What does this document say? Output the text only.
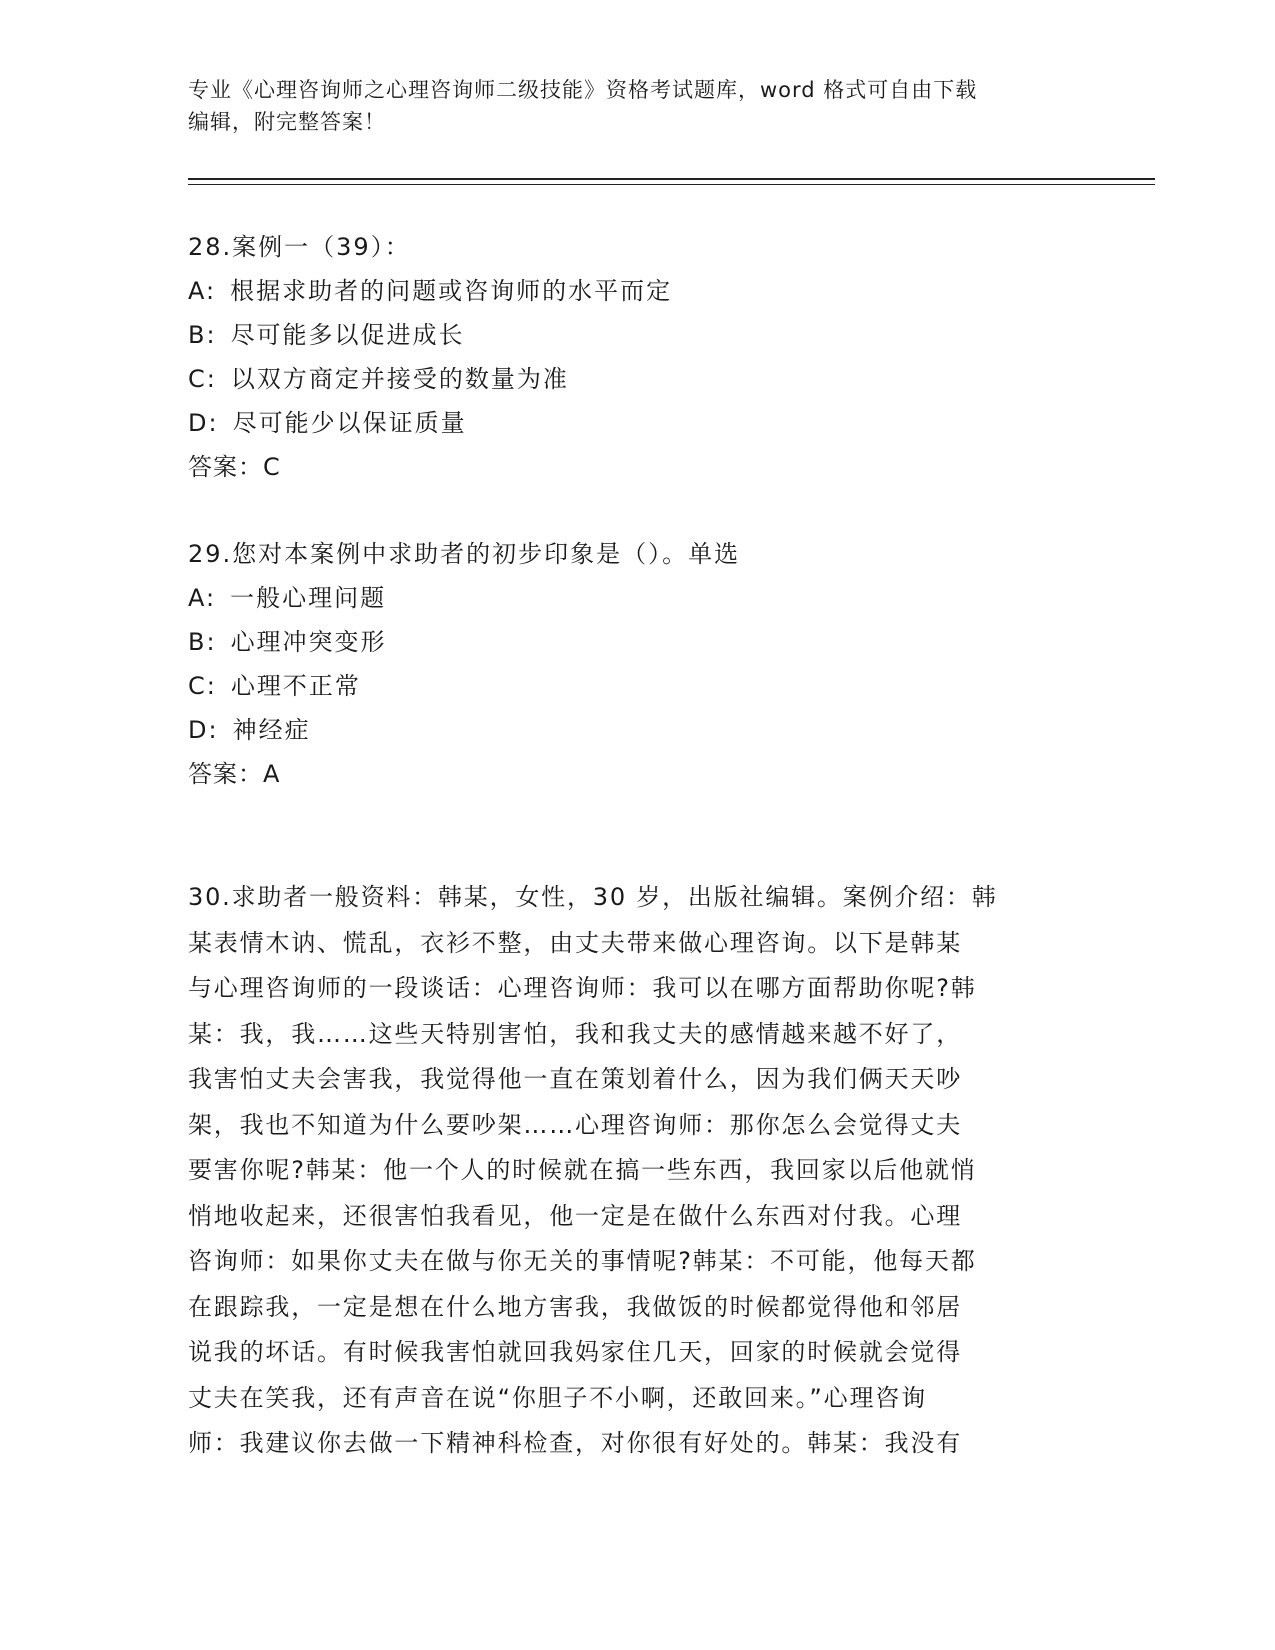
专业《心理咨询师之心理咨询师二级技能》资格考试题库，word 格式可自由下载
编辑，附完整答案！
28.案例一（39）：
A: 根据求助者的问题或咨询师的水平而定
B: 尽可能多以促进成长
C: 以双方商定并接受的数量为准
D: 尽可能少以保证质量
答案：C
29.您对本案例中求助者的初步印象是（）。单选
A: 一般心理问题
B: 心理冲突变形
C: 心理不正常
D: 神经症
答案：A
30.求助者一般资料：韩某，女性，30 岁，出版社编辑。案例介绍：韩
某表情木讷、慌乱，衣衫不整，由丈夫带来做心理咨询。以下是韩某
与心理咨询师的一段谈话：心理咨询师：我可以在哪方面帮助你呢?韩
某：我，我……这些天特别害怕，我和我丈夫的感情越来越不好了，
我害怕丈夫会害我，我觉得他一直在策划着什么，因为我们俩天天吵
架，我也不知道为什么要吵架……心理咨询师：那你怎么会觉得丈夫
要害你呢?韩某：他一个人的时候就在搞一些东西，我回家以后他就悄
悄地收起来，还很害怕我看见，他一定是在做什么东西对付我。心理
咨询师：如果你丈夫在做与你无关的事情呢?韩某：不可能，他每天都
在跟踪我，一定是想在什么地方害我，我做饭的时候都觉得他和邻居
说我的坏话。有时候我害怕就回我妈家住几天，回家的时候就会觉得
丈夫在笑我，还有声音在说“你胆子不小啊，还敢回来。”心理咨询
师：我建议你去做一下精神科检查，对你很有好处的。韩某：我没有
